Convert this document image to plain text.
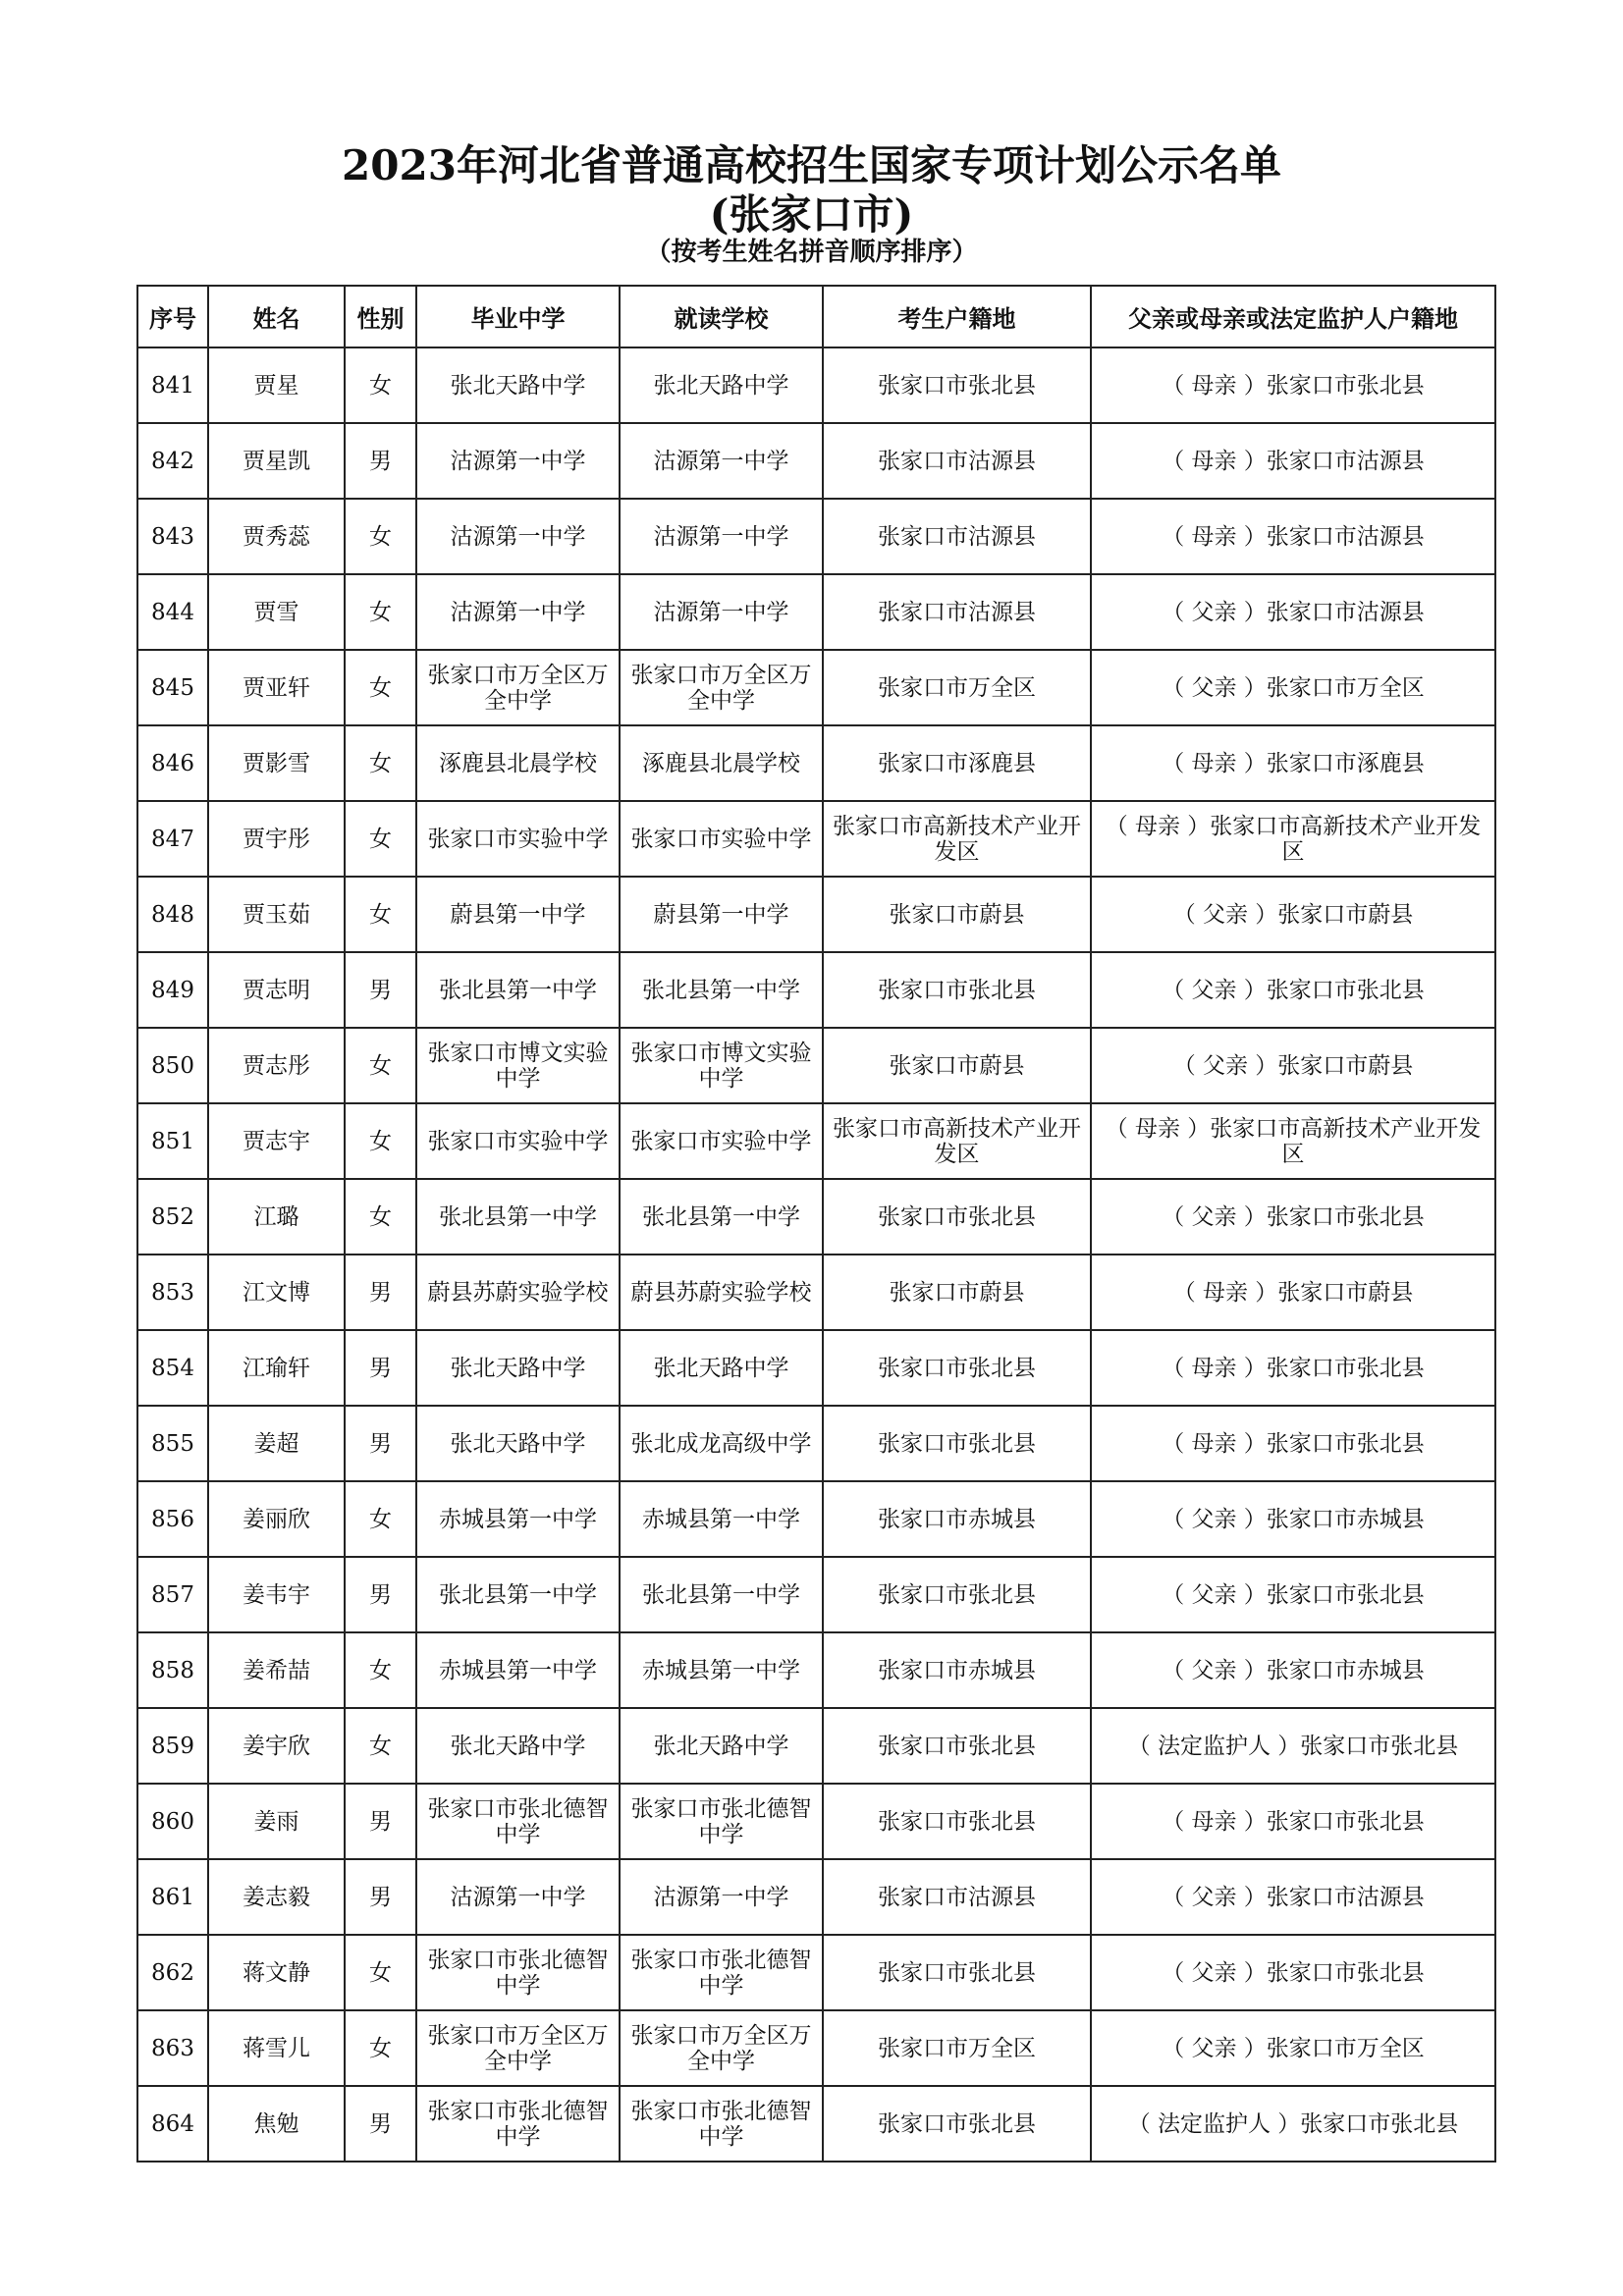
2023年河北省普通高校招生国家专项计划公示名单
(张家口市)
（按考生姓名拼音顺序排序）
序号	姓名	性别	毕业中学	就读学校	考生户籍地	父亲或母亲或法定监护人户籍地
841	贾星	女	张北天路中学	张北天路中学	张家口市张北县	（ 母亲 ）张家口市张北县
842	贾星凯	男	沽源第一中学	沽源第一中学	张家口市沽源县	（ 母亲 ）张家口市沽源县
843	贾秀蕊	女	沽源第一中学	沽源第一中学	张家口市沽源县	（ 母亲 ）张家口市沽源县
844	贾雪	女	沽源第一中学	沽源第一中学	张家口市沽源县	（ 父亲 ）张家口市沽源县
845	贾亚轩	女	张家口市万全区万全中学	张家口市万全区万全中学	张家口市万全区	（ 父亲 ）张家口市万全区
846	贾影雪	女	涿鹿县北晨学校	涿鹿县北晨学校	张家口市涿鹿县	（ 母亲 ）张家口市涿鹿县
847	贾宇彤	女	张家口市实验中学	张家口市实验中学	张家口市高新技术产业开发区	（ 母亲 ）张家口市高新技术产业开发区
848	贾玉茹	女	蔚县第一中学	蔚县第一中学	张家口市蔚县	（ 父亲 ）张家口市蔚县
849	贾志明	男	张北县第一中学	张北县第一中学	张家口市张北县	（ 父亲 ）张家口市张北县
850	贾志彤	女	张家口市博文实验中学	张家口市博文实验中学	张家口市蔚县	（ 父亲 ）张家口市蔚县
851	贾志宇	女	张家口市实验中学	张家口市实验中学	张家口市高新技术产业开发区	（ 母亲 ）张家口市高新技术产业开发区
852	江璐	女	张北县第一中学	张北县第一中学	张家口市张北县	（ 父亲 ）张家口市张北县
853	江文博	男	蔚县苏蔚实验学校	蔚县苏蔚实验学校	张家口市蔚县	（ 母亲 ）张家口市蔚县
854	江瑜轩	男	张北天路中学	张北天路中学	张家口市张北县	（ 母亲 ）张家口市张北县
855	姜超	男	张北天路中学	张北成龙高级中学	张家口市张北县	（ 母亲 ）张家口市张北县
856	姜丽欣	女	赤城县第一中学	赤城县第一中学	张家口市赤城县	（ 父亲 ）张家口市赤城县
857	姜韦宇	男	张北县第一中学	张北县第一中学	张家口市张北县	（ 父亲 ）张家口市张北县
858	姜希喆	女	赤城县第一中学	赤城县第一中学	张家口市赤城县	（ 父亲 ）张家口市赤城县
859	姜宇欣	女	张北天路中学	张北天路中学	张家口市张北县	（ 法定监护人 ）张家口市张北县
860	姜雨	男	张家口市张北德智中学	张家口市张北德智中学	张家口市张北县	（ 母亲 ）张家口市张北县
861	姜志毅	男	沽源第一中学	沽源第一中学	张家口市沽源县	（ 父亲 ）张家口市沽源县
862	蒋文静	女	张家口市张北德智中学	张家口市张北德智中学	张家口市张北县	（ 父亲 ）张家口市张北县
863	蒋雪儿	女	张家口市万全区万全中学	张家口市万全区万全中学	张家口市万全区	（ 父亲 ）张家口市万全区
864	焦勉	男	张家口市张北德智中学	张家口市张北德智中学	张家口市张北县	（ 法定监护人 ）张家口市张北县
